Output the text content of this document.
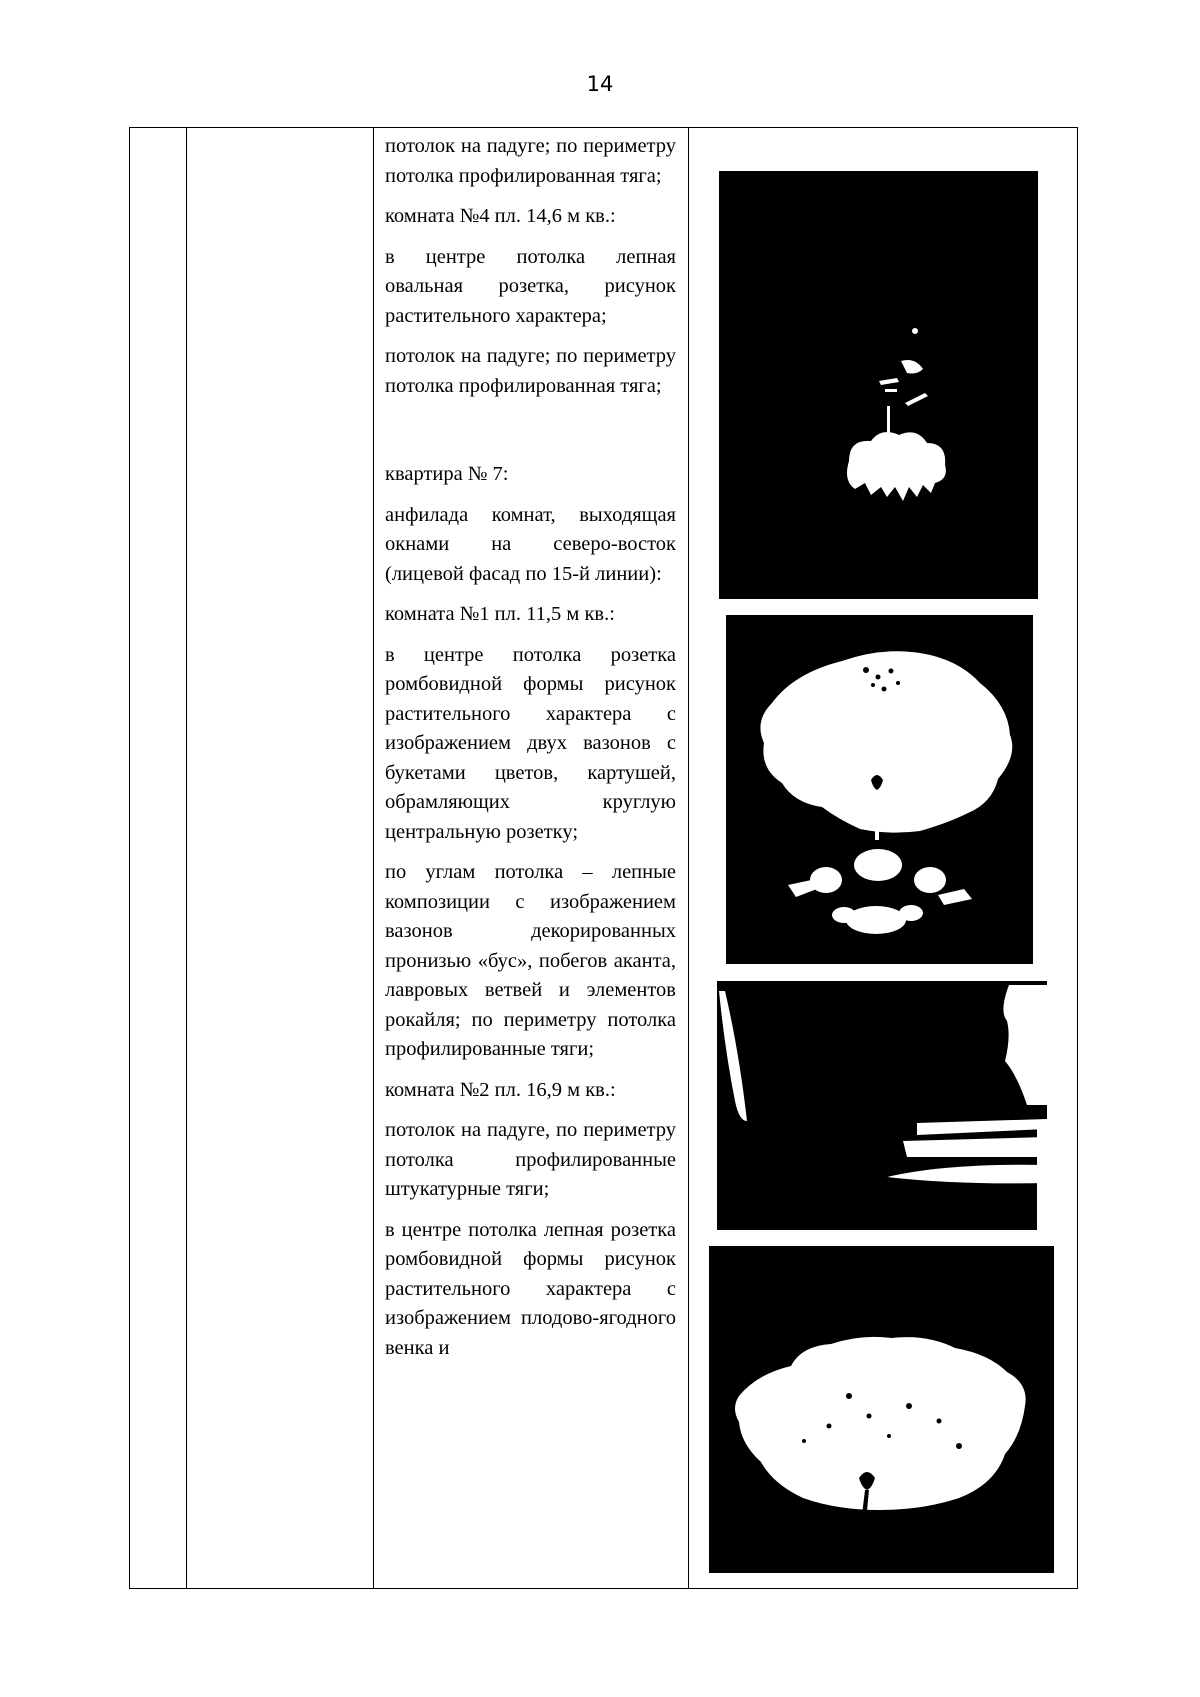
14

потолок на падуге; по периметру потолка профилированная тяга;

комната №4 пл. 14,6 м кв.:

в центре потолка лепная овальная розетка, рисунок растительного характера;

потолок на падуге; по периметру потолка профилированная тяга;

квартира № 7:

анфилада комнат, выходящая окнами на северо-восток (лицевой фасад по 15-й линии):

комната №1 пл. 11,5 м кв.:

в центре потолка розетка ромбовидной формы рисунок растительного характера с изображением двух вазонов с букетами цветов, картушей, обрамляющих круглую центральную розетку;

по углам потолка – лепные композиции с изображением вазонов декорированных пронизью «бус», побегов аканта, лавровых ветвей и элементов рокайля; по периметру потолка профилированные тяги;

комната №2 пл. 16,9 м кв.:

потолок на падуге, по периметру потолка профилированные штукатурные тяги;

в центре потолка лепная розетка ромбовидной формы рисунок растительного характера с изображением плодово-ягодного венка и
